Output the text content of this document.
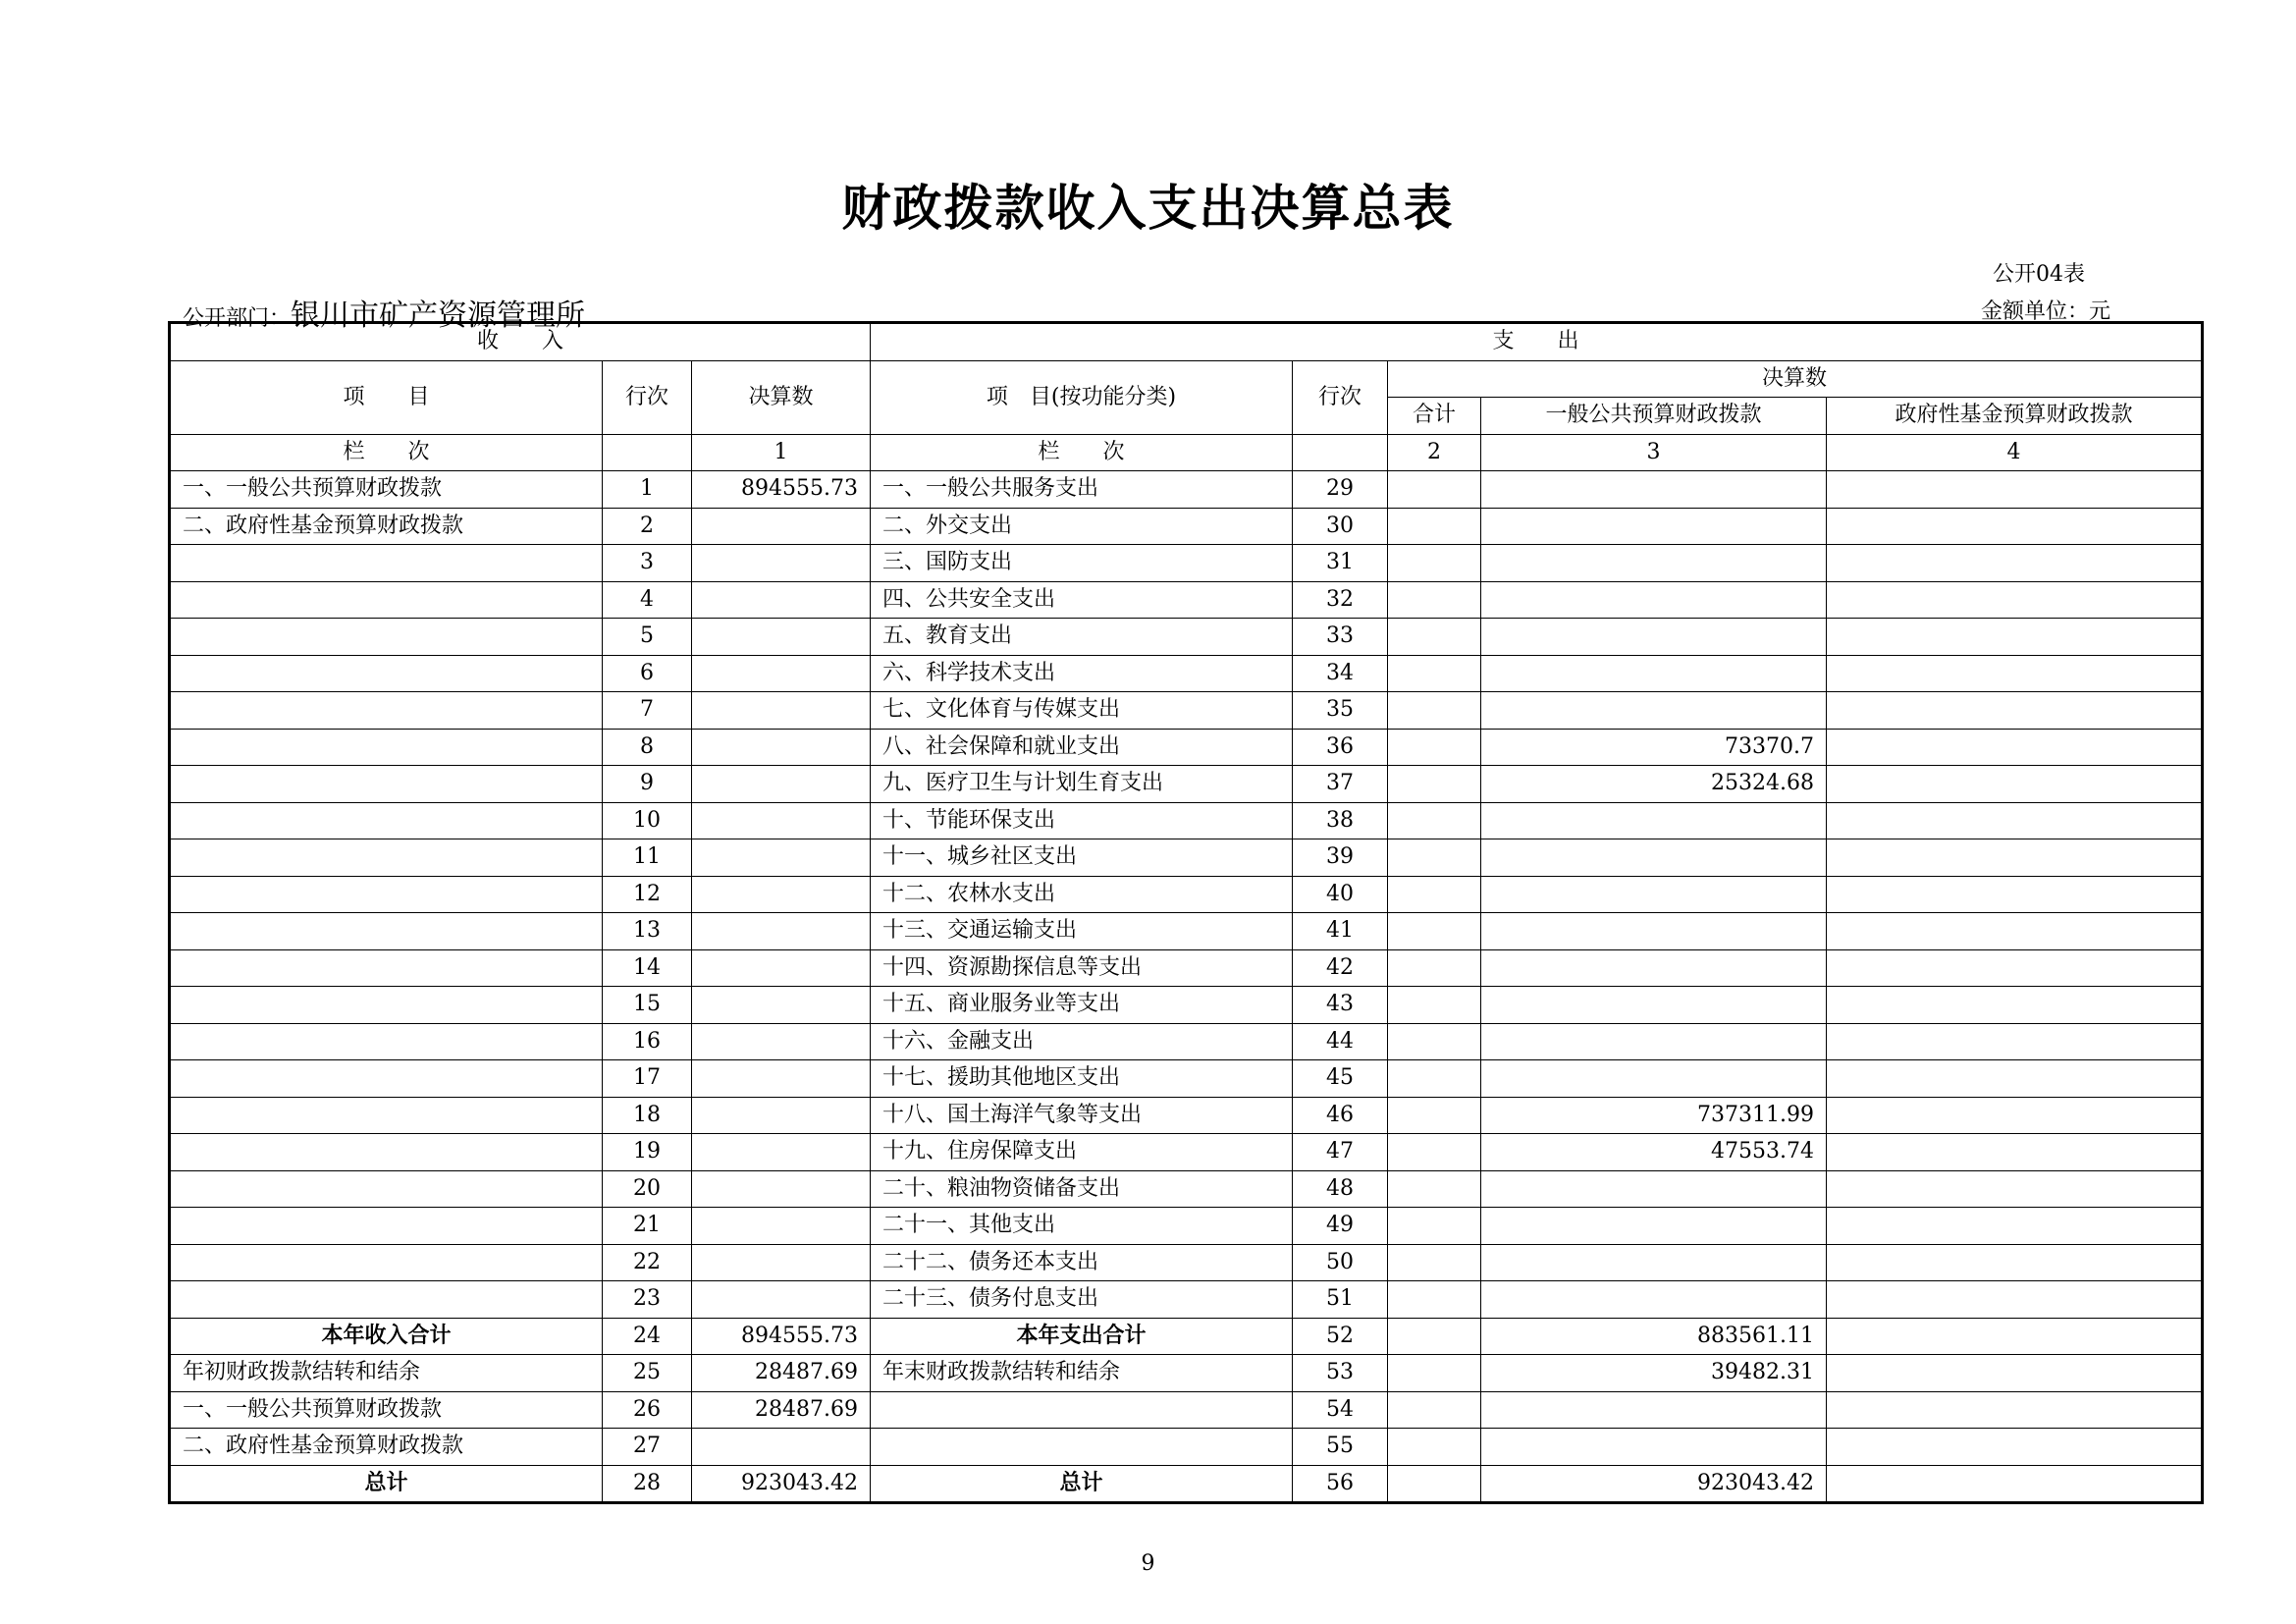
财政拨款收入支出决算总表
公开04表
公开部门：银川市矿产资源管理所	金额单位：元
收　　入			支　　出				
项　　目	行次	决算数	项　目(按功能分类)	行次	决算数		
					合计	一般公共预算财政拨款	政府性基金预算财政拨款
栏　　次		1	栏　　次		2	3	4
一、一般公共预算财政拨款	1	894555.73	一、一般公共服务支出	29			
二、政府性基金预算财政拨款	2		二、外交支出	30			
	3		三、国防支出	31			
	4		四、公共安全支出	32			
	5		五、教育支出	33			
	6		六、科学技术支出	34			
	7		七、文化体育与传媒支出	35			
	8		八、社会保障和就业支出	36		73370.7	
	9		九、医疗卫生与计划生育支出	37		25324.68	
	10		十、节能环保支出	38			
	11		十一、城乡社区支出	39			
	12		十二、农林水支出	40			
	13		十三、交通运输支出	41			
	14		十四、资源勘探信息等支出	42			
	15		十五、商业服务业等支出	43			
	16		十六、金融支出	44			
	17		十七、援助其他地区支出	45			
	18		十八、国土海洋气象等支出	46		737311.99	
	19		十九、住房保障支出	47		47553.74	
	20		二十、粮油物资储备支出	48			
	21		二十一、其他支出	49			
	22		二十二、债务还本支出	50			
	23		二十三、债务付息支出	51			
本年收入合计	24	894555.73	本年支出合计	52		883561.11	
年初财政拨款结转和结余	25	28487.69	年末财政拨款结转和结余	53		39482.31	
一、一般公共预算财政拨款	26	28487.69		54			
二、政府性基金预算财政拨款	27			55			
总计	28	923043.42	总计	56		923043.42	
9
